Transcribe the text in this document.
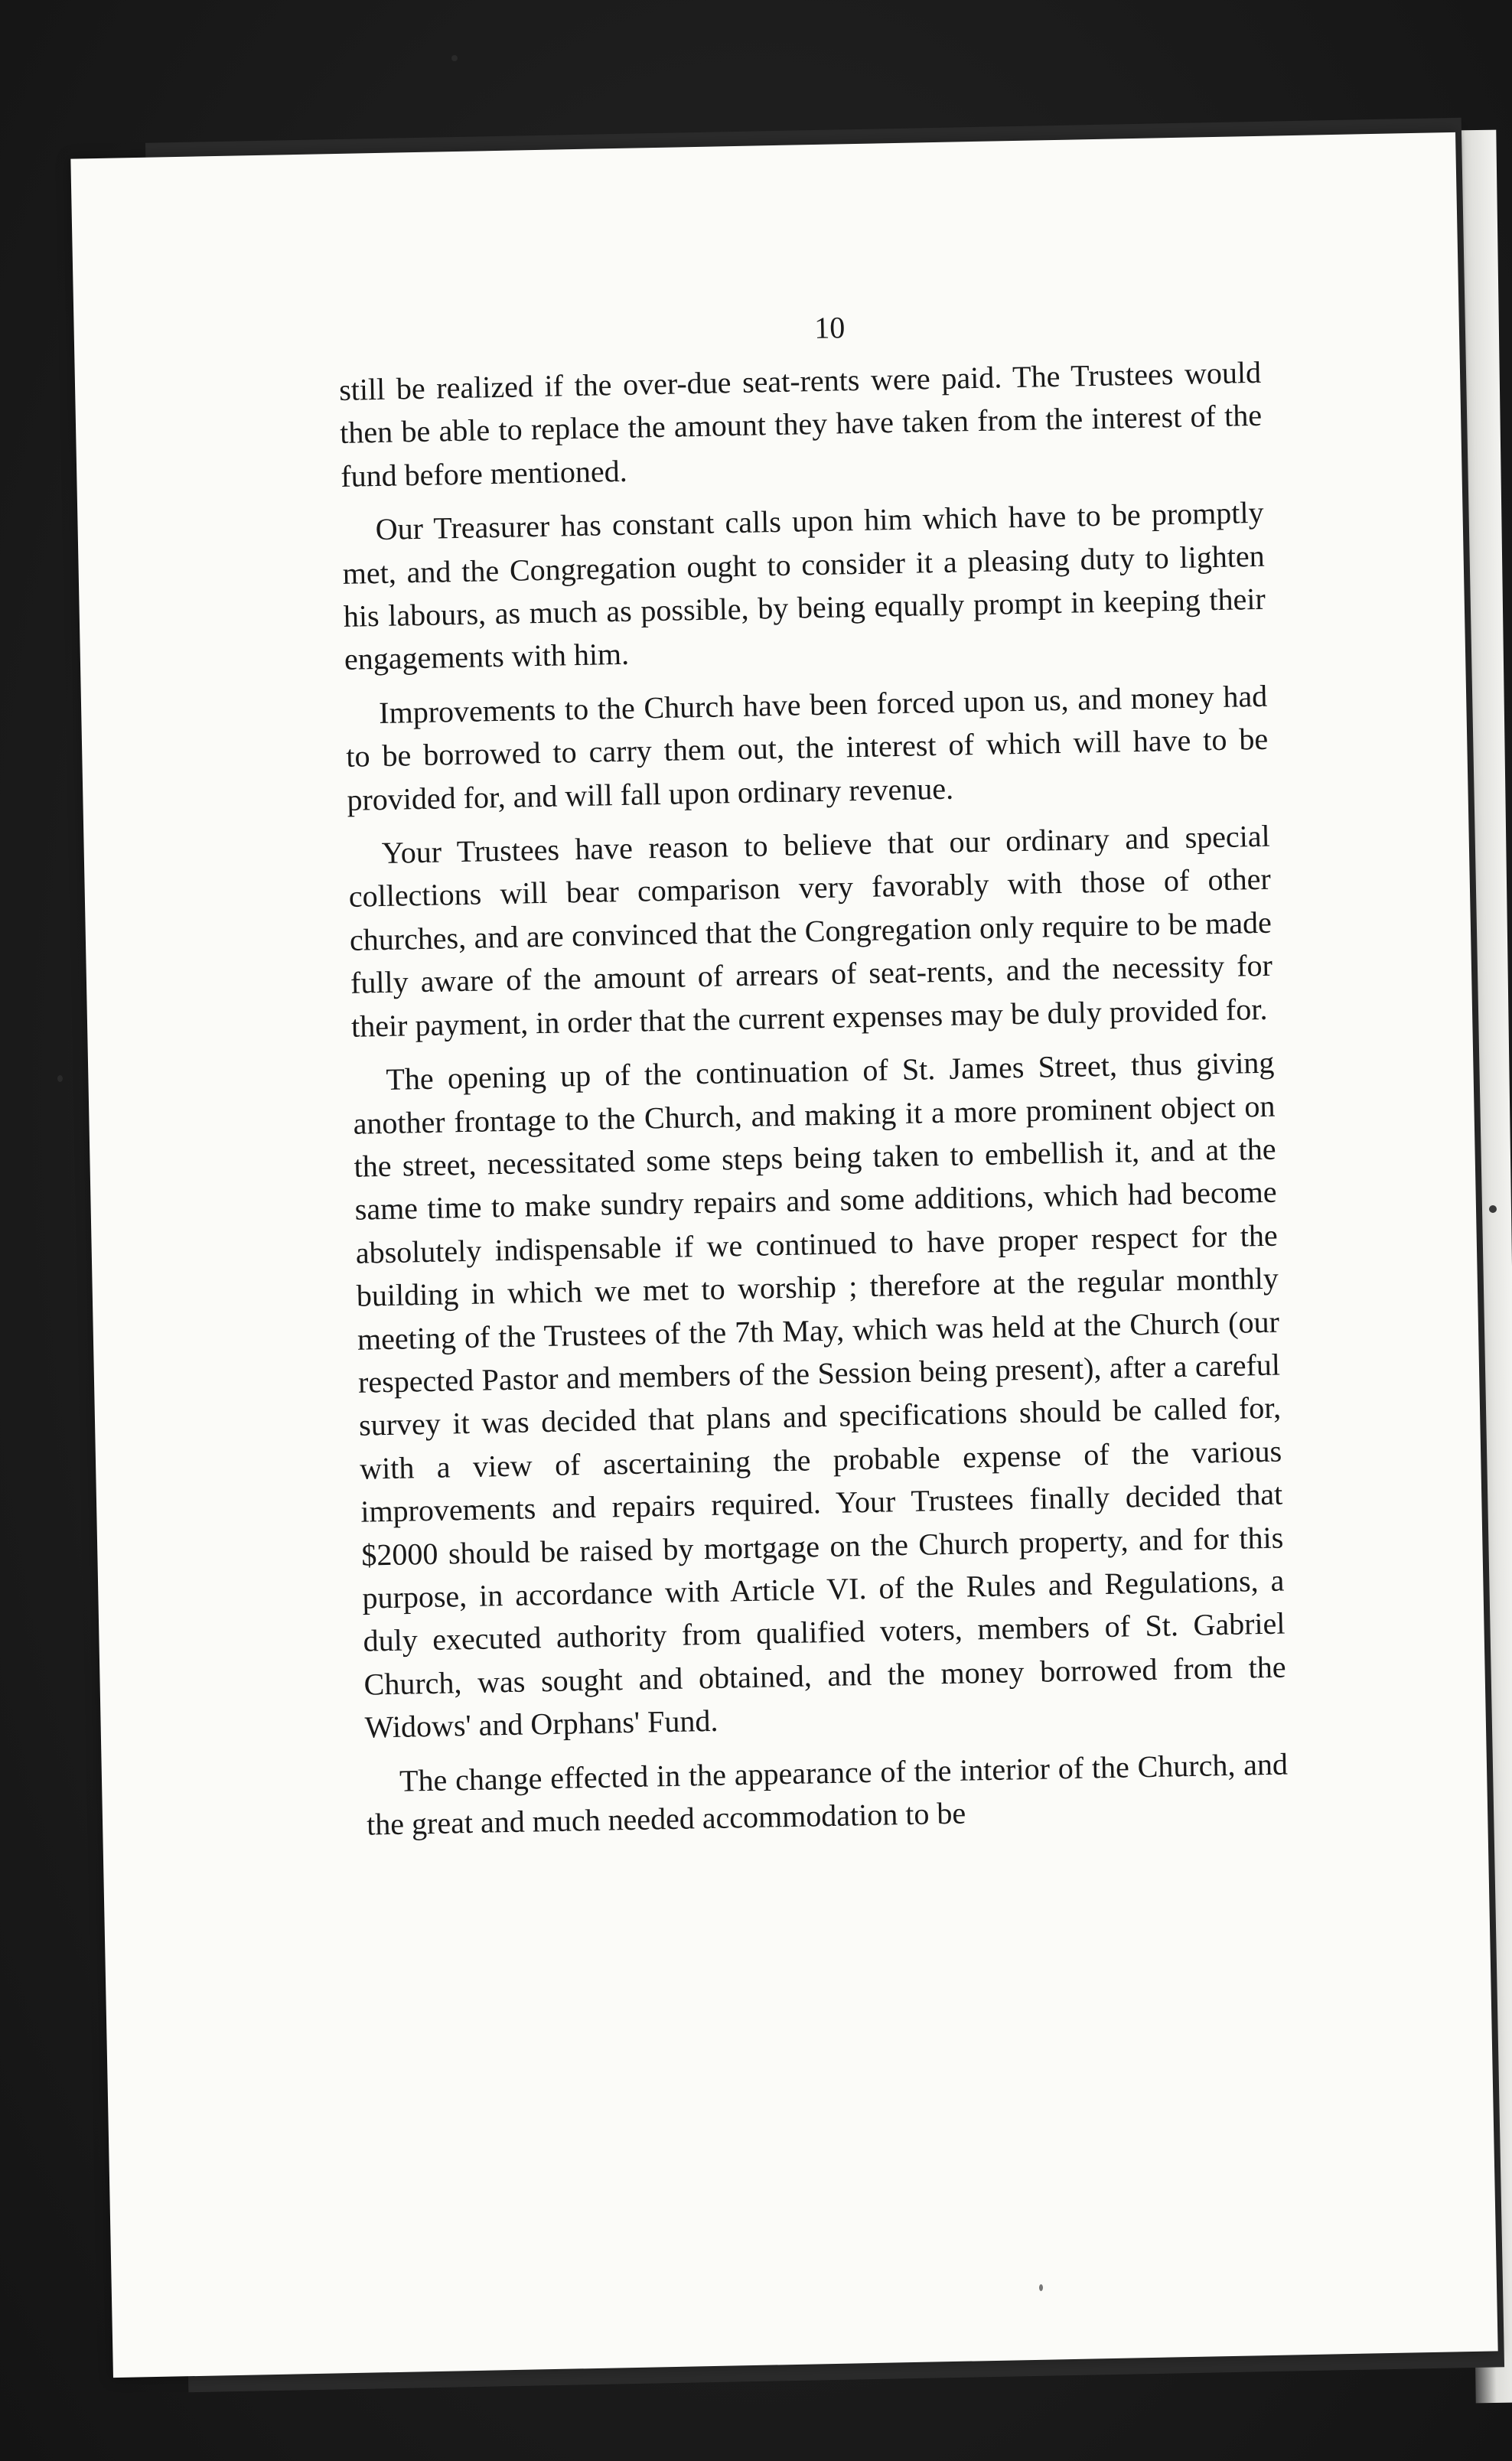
10

still be realized if the over-due seat-rents were paid. The Trustees would then be able to replace the amount they have taken from the interest of the fund before mentioned.

Our Treasurer has constant calls upon him which have to be promptly met, and the Congregation ought to consider it a pleasing duty to lighten his labours, as much as possible, by being equally prompt in keeping their engagements with him.

Improvements to the Church have been forced upon us, and money had to be borrowed to carry them out, the interest of which will have to be provided for, and will fall upon ordinary revenue.

Your Trustees have reason to believe that our ordinary and special collections will bear comparison very favorably with those of other churches, and are convinced that the Congregation only require to be made fully aware of the amount of arrears of seat-rents, and the necessity for their payment, in order that the current expenses may be duly provided for.

The opening up of the continuation of St. James Street, thus giving another frontage to the Church, and making it a more prominent object on the street, necessitated some steps being taken to embellish it, and at the same time to make sundry repairs and some additions, which had become absolutely indispensable if we continued to have proper respect for the building in which we met to worship ; therefore at the regular monthly meeting of the Trustees of the 7th May, which was held at the Church (our respected Pastor and members of the Session being present), after a careful survey it was decided that plans and specifications should be called for, with a view of ascertaining the probable expense of the various improvements and repairs required. Your Trustees finally decided that $2000 should be raised by mortgage on the Church property, and for this purpose, in accordance with Article VI. of the Rules and Regulations, a duly executed authority from qualified voters, members of St. Gabriel Church, was sought and obtained, and the money borrowed from the Widows' and Orphans' Fund.

The change effected in the appearance of the interior of the Church, and the great and much needed accommodation to be
